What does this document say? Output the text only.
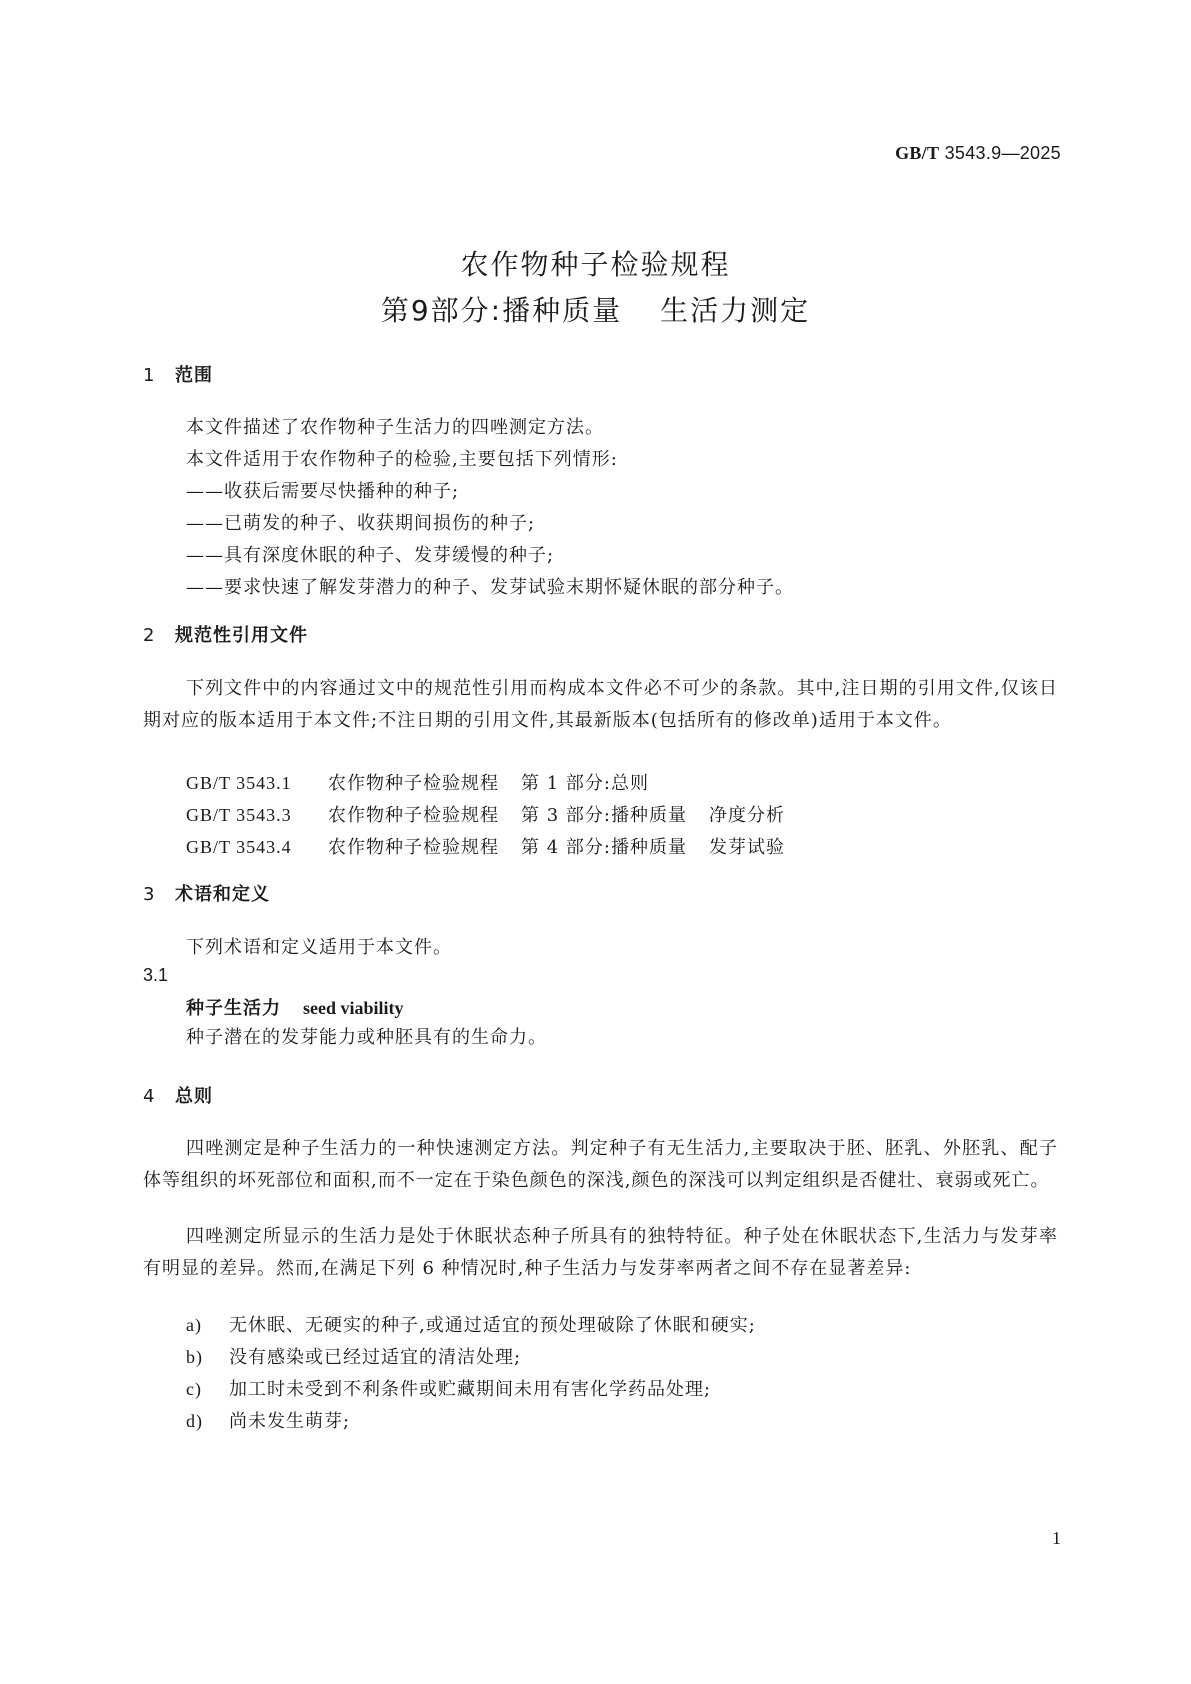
GB/T 3543.9—2025
农作物种子检验规程
第9部分:播种质量 生活力测定
1 范围
本文件描述了农作物种子生活力的四唑测定方法。
本文件适用于农作物种子的检验,主要包括下列情形:
——收获后需要尽快播种的种子;
——已萌发的种子、收获期间损伤的种子;
——具有深度休眠的种子、发芽缓慢的种子;
——要求快速了解发芽潜力的种子、发芽试验末期怀疑休眠的部分种子。
2 规范性引用文件
下列文件中的内容通过文中的规范性引用而构成本文件必不可少的条款。其中,注日期的引用文件,仅该日期对应的版本适用于本文件;不注日期的引用文件,其最新版本(包括所有的修改单)适用于本文件。
GB/T 3543.1 农作物种子检验规程 第 1 部分:总则
GB/T 3543.3 农作物种子检验规程 第 3 部分:播种质量 净度分析
GB/T 3543.4 农作物种子检验规程 第 4 部分:播种质量 发芽试验
3 术语和定义
下列术语和定义适用于本文件。
3.1
种子生活力 seed viability
种子潜在的发芽能力或种胚具有的生命力。
4 总则
四唑测定是种子生活力的一种快速测定方法。判定种子有无生活力,主要取决于胚、胚乳、外胚乳、配子体等组织的坏死部位和面积,而不一定在于染色颜色的深浅,颜色的深浅可以判定组织是否健壮、衰弱或死亡。
四唑测定所显示的生活力是处于休眠状态种子所具有的独特特征。种子处在休眠状态下,生活力与发芽率有明显的差异。然而,在满足下列 6 种情况时,种子生活力与发芽率两者之间不存在显著差异:
a) 无休眠、无硬实的种子,或通过适宜的预处理破除了休眠和硬实;
b) 没有感染或已经过适宜的清洁处理;
c) 加工时未受到不利条件或贮藏期间未用有害化学药品处理;
d) 尚未发生萌芽;
1
